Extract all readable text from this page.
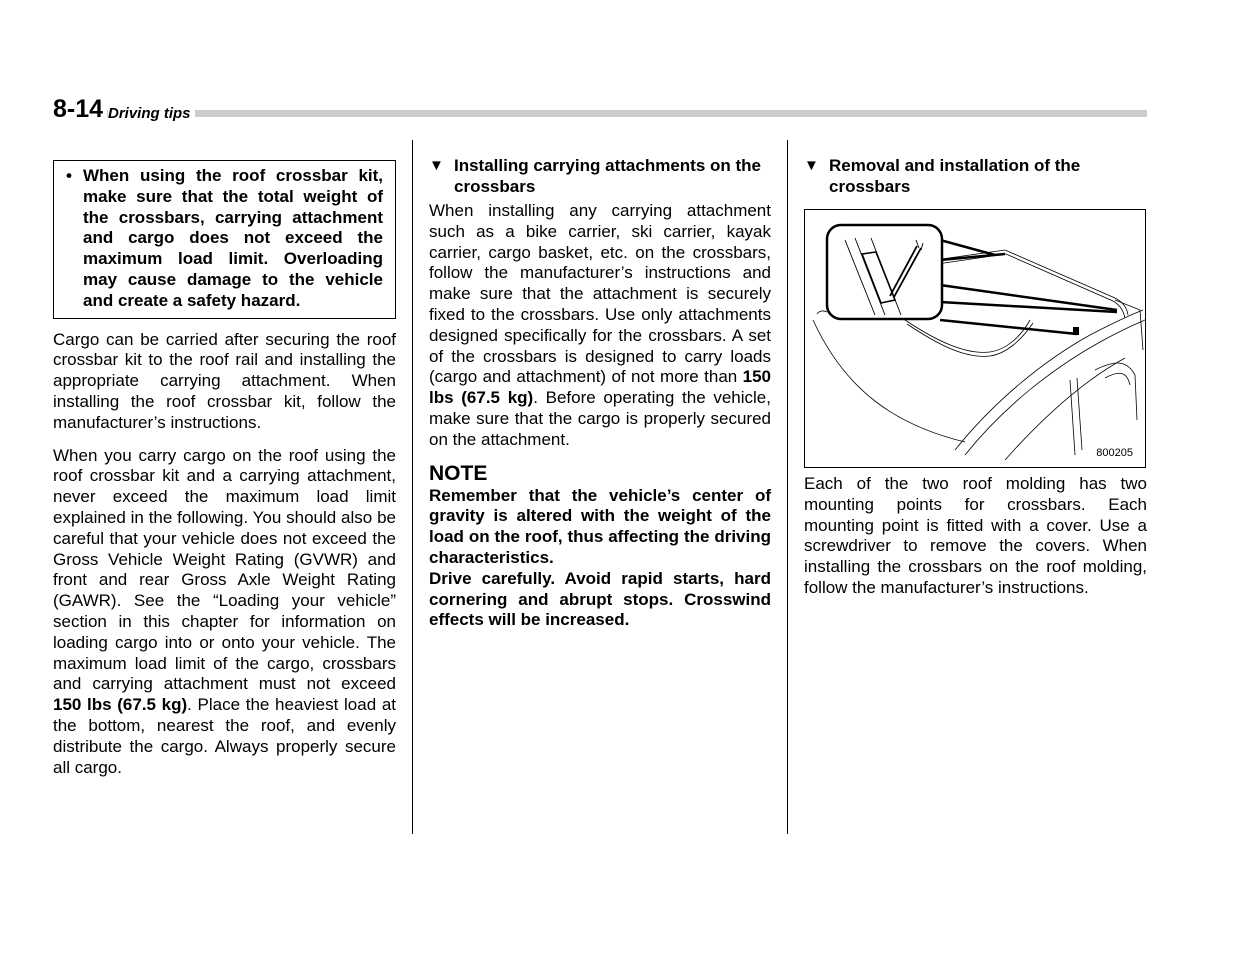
8-14 Driving tips
• When using the roof crossbar kit, make sure that the total weight of the crossbars, carrying attachment and cargo does not exceed the maximum load limit. Overloading may cause damage to the vehicle and create a safety hazard.

Cargo can be carried after securing the roof crossbar kit to the roof rail and installing the appropriate carrying attachment. When installing the roof crossbar kit, follow the manufacturer’s instructions.

When you carry cargo on the roof using the roof crossbar kit and a carrying attachment, never exceed the maximum load limit explained in the following. You should also be careful that your vehicle does not exceed the Gross Vehicle Weight Rating (GVWR) and front and rear Gross Axle Weight Rating (GAWR). See the “Loading your vehicle” section in this chapter for information on loading cargo into or onto your vehicle. The maximum load limit of the cargo, crossbars and carrying attachment must not exceed 150 lbs (67.5 kg). Place the heaviest load at the bottom, nearest the roof, and evenly distribute the cargo. Always properly secure all cargo.

▼ Installing carrying attachments on the crossbars

When installing any carrying attachment such as a bike carrier, ski carrier, kayak carrier, cargo basket, etc. on the crossbars, follow the manufacturer’s instructions and make sure that the attachment is securely fixed to the crossbars. Use only attachments designed specifically for the crossbars. A set of the crossbars is designed to carry loads (cargo and attachment) of not more than 150 lbs (67.5 kg). Before operating the vehicle, make sure that the cargo is properly secured on the attachment.

NOTE
Remember that the vehicle’s center of gravity is altered with the weight of the load on the roof, thus affecting the driving characteristics.
Drive carefully. Avoid rapid starts, hard cornering and abrupt stops. Crosswind effects will be increased.
▼ Removal and installation of the crossbars
800205

Each of the two roof molding has two mounting points for crossbars. Each mounting point is fitted with a cover. Use a screwdriver to remove the covers. When installing the crossbars on the roof molding, follow the manufacturer’s instructions.
